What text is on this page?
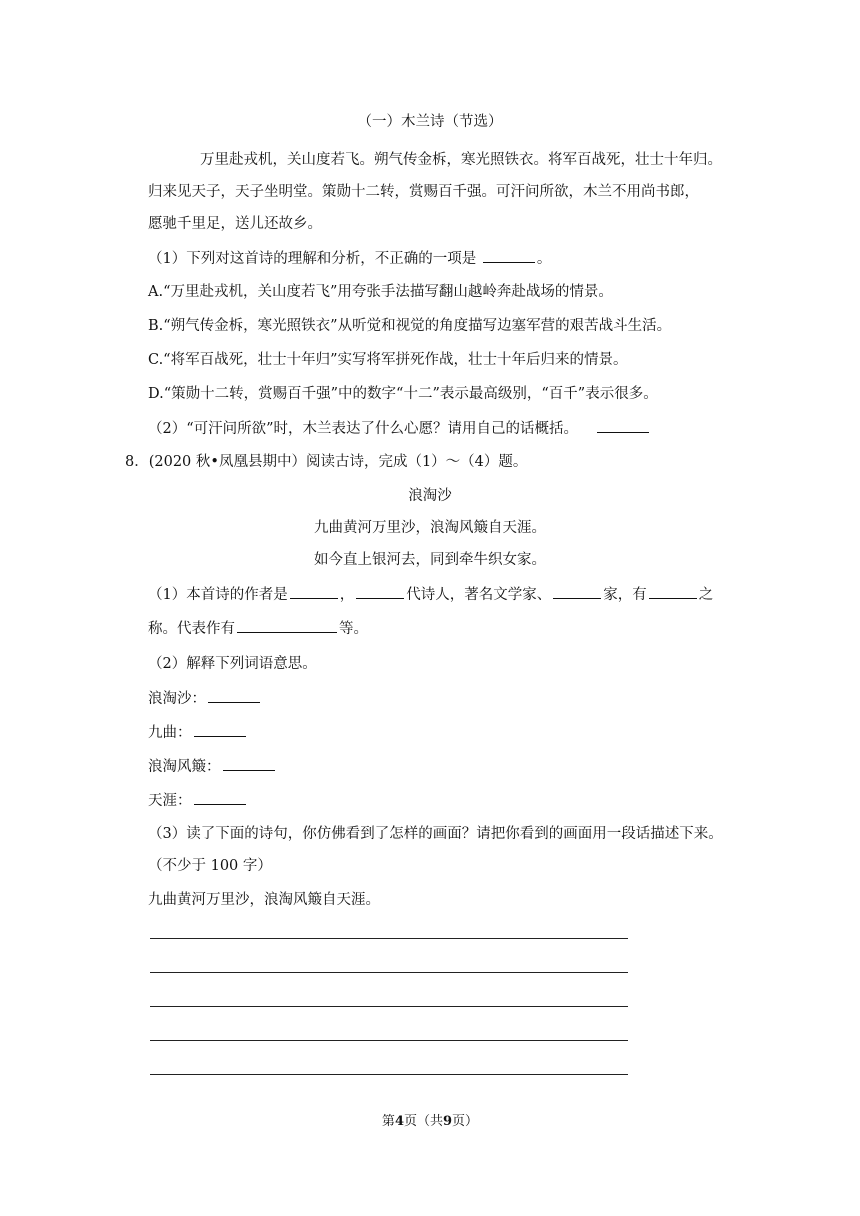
（一）木兰诗（节选）
万里赴戎机，关山度若飞。朔气传金柝，寒光照铁衣。将军百战死，壮士十年归。
归来见天子，天子坐明堂。策勋十二转，赏赐百千强。可汗问所欲，木兰不用尚书郎，
愿驰千里足，送儿还故乡。
（1）下列对这首诗的理解和分析，不正确的一项是	。
A.“万里赴戎机，关山度若飞”用夸张手法描写翻山越岭奔赴战场的情景。
B.“朔气传金柝，寒光照铁衣”从听觉和视觉的角度描写边塞军营的艰苦战斗生活。
C.“将军百战死，壮士十年归”实写将军拼死作战，壮士十年后归来的情景。
D.“策勋十二转，赏赐百千强”中的数字“十二”表示最高级别，“百千”表示很多。
（2）“可汗问所欲”时，木兰表达了什么心愿？请用自己的话概括。
8．(2020 秋•凤凰县期中）阅读古诗，完成（1）～（4）题。
浪淘沙
九曲黄河万里沙，浪淘风簸自天涯。
如今直上银河去，同到牵牛织女家。
（1）本首诗的作者是	，	代诗人，著名文学家、	家，有	之
称。代表作有	等。
（2）解释下列词语意思。
浪淘沙：
九曲：
浪淘风簸：
天涯：
（3）读了下面的诗句，你仿佛看到了怎样的画面？请把你看到的画面用一段话描述下来。
（不少于 100 字）
九曲黄河万里沙，浪淘风簸自天涯。
第4页（共9页）
